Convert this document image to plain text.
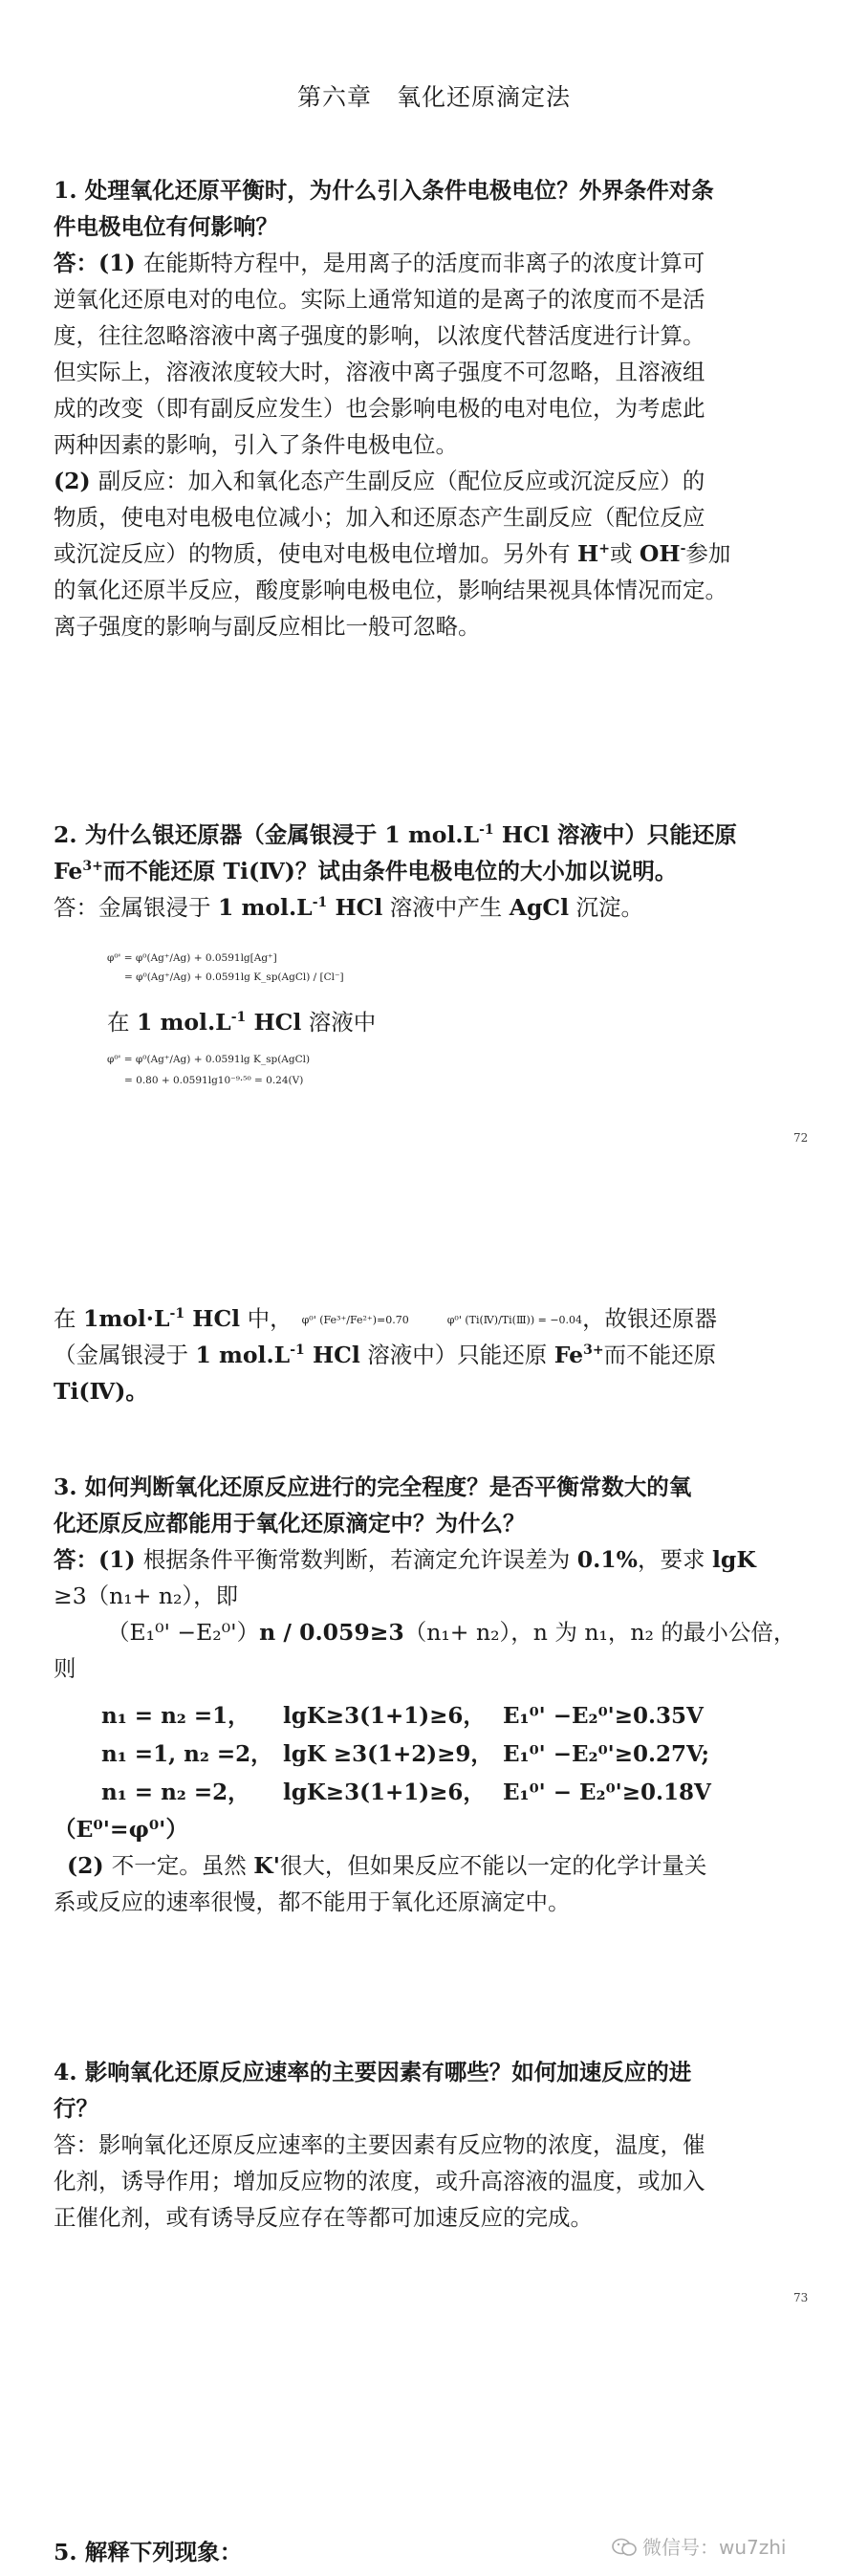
第六章　氧化还原滴定法
1. 处理氧化还原平衡时，为什么引入条件电极电位？外界条件对条
件电极电位有何影响？
答：(1) 在能斯特方程中，是用离子的活度而非离子的浓度计算可
逆氧化还原电对的电位。实际上通常知道的是离子的浓度而不是活
度，往往忽略溶液中离子强度的影响，以浓度代替活度进行计算。
但实际上，溶液浓度较大时，溶液中离子强度不可忽略，且溶液组
成的改变（即有副反应发生）也会影响电极的电对电位，为考虑此
两种因素的影响，引入了条件电极电位。
(2) 副反应：加入和氧化态产生副反应（配位反应或沉淀反应）的
物质，使电对电极电位减小；加入和还原态产生副反应（配位反应
或沉淀反应）的物质，使电对电极电位增加。另外有 H+或 OH-参加
的氧化还原半反应，酸度影响电极电位，影响结果视具体情况而定。
离子强度的影响与副反应相比一般可忽略。
2. 为什么银还原器（金属银浸于 1 $mol.L^{-1}$ HCl 溶液中）只能还原
$Fe^{3+}$而不能还原 Ti(Ⅳ)？试由条件电极电位的大小加以说明。
答：金属银浸于 1 $mol.L^{-1}$ HCl 溶液中产生 AgCl 沉淀。
φ⁰' = φ⁰(Ag⁺/Ag) + 0.0591lg[Ag⁺]
= φ⁰(Ag⁺/Ag) + 0.0591lg K_sp(AgCl) / [Cl⁻]
在 1 $mol.L^{-1}$ HCl 溶液中
φ⁰' = φ⁰(Ag⁺/Ag) + 0.0591lg K_sp(AgCl)
= 0.80 + 0.0591lg10⁻⁹·⁵⁰ = 0.24(V)
72
在 $1mol\cdot L^{-1}$ HCl 中， φ⁰' (Fe³⁺/Fe²⁺)=0.70	φ⁰' (Ti(Ⅳ)/Ti(Ⅲ)) = −0.04，故银还原器
（金属银浸于 1 $mol.L^{-1}$ HCl 溶液中）只能还原 $Fe^{3+}$而不能还原
Ti(Ⅳ)。
3. 如何判断氧化还原反应进行的完全程度？是否平衡常数大的氧
化还原反应都能用于氧化还原滴定中？为什么？
答：(1) 根据条件平衡常数判断，若滴定允许误差为 0.1%，要求 lgK
≥3（n₁+ n₂），即
（E₁⁰' −E₂⁰'）n / 0.059≥3（n₁+ n₂），n 为 n₁，n₂ 的最小公倍，
则
n₁ = n₂ =1， lgK≥3(1+1)≥6， E₁⁰' −E₂⁰'≥0.35V
n₁ =1, n₂ =2， lgK ≥3(1+2)≥9， E₁⁰' −E₂⁰'≥0.27V;
n₁ = n₂ =2， lgK≥3(1+1)≥6， E₁⁰' − E₂⁰'≥0.18V
（E⁰'=φ⁰'）
(2) 不一定。虽然 K'很大，但如果反应不能以一定的化学计量关
系或反应的速率很慢，都不能用于氧化还原滴定中。
4. 影响氧化还原反应速率的主要因素有哪些？如何加速反应的进
行？
答：影响氧化还原反应速率的主要因素有反应物的浓度，温度，催
化剂，诱导作用；增加反应物的浓度，或升高溶液的温度，或加入
正催化剂，或有诱导反应存在等都可加速反应的完成。
73
5. 解释下列现象：	微信号：wu7zhi
